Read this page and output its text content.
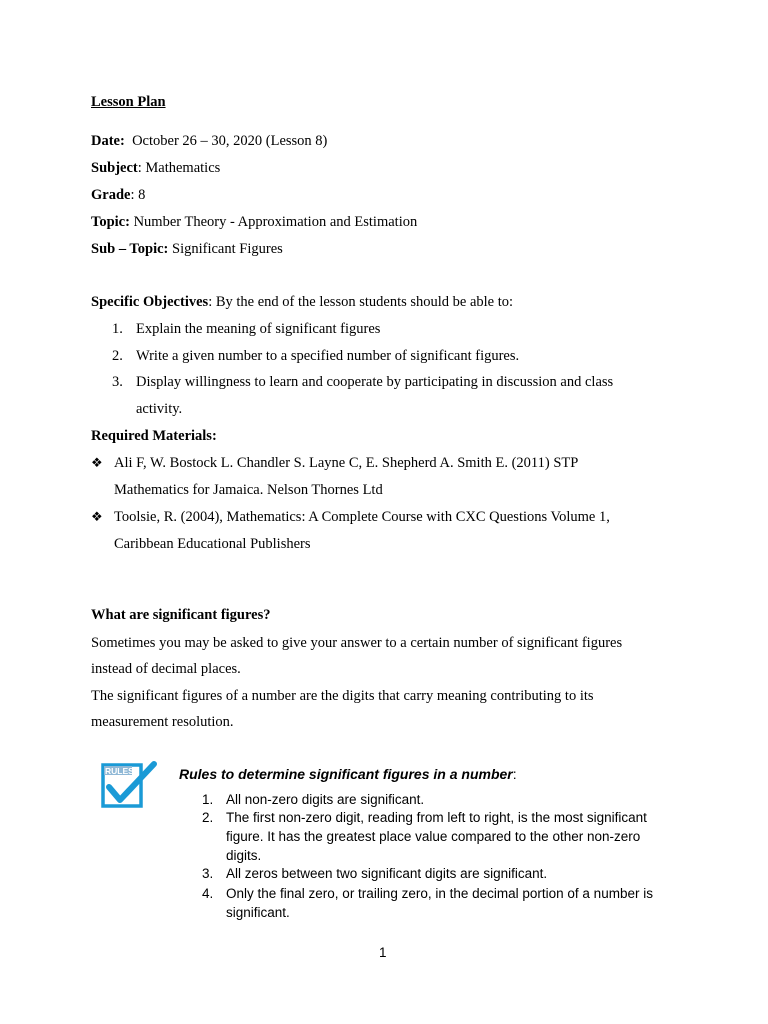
Lesson Plan
Date: October 26 – 30, 2020 (Lesson 8)
Subject: Mathematics
Grade: 8
Topic: Number Theory - Approximation and Estimation
Sub – Topic: Significant Figures
Specific Objectives: By the end of the lesson students should be able to:
1. Explain the meaning of significant figures
2. Write a given number to a specified number of significant figures.
3. Display willingness to learn and cooperate by participating in discussion and class
activity.
Required Materials:
❖ Ali F, W. Bostock L. Chandler S. Layne C, E. Shepherd A. Smith E. (2011) STP
Mathematics for Jamaica. Nelson Thornes Ltd
❖ Toolsie, R. (2004), Mathematics: A Complete Course with CXC Questions Volume 1,
Caribbean Educational Publishers
What are significant figures?
Sometimes you may be asked to give your answer to a certain number of significant figures
instead of decimal places.
The significant figures of a number are the digits that carry meaning contributing to its
measurement resolution.
RULES	Rules to determine significant figures in a number:
1. All non-zero digits are significant.
2. The first non-zero digit, reading from left to right, is the most significant
figure. It has the greatest place value compared to the other non-zero
digits.
3. All zeros between two significant digits are significant.
4. Only the final zero, or trailing zero, in the decimal portion of a number is
significant.
1
